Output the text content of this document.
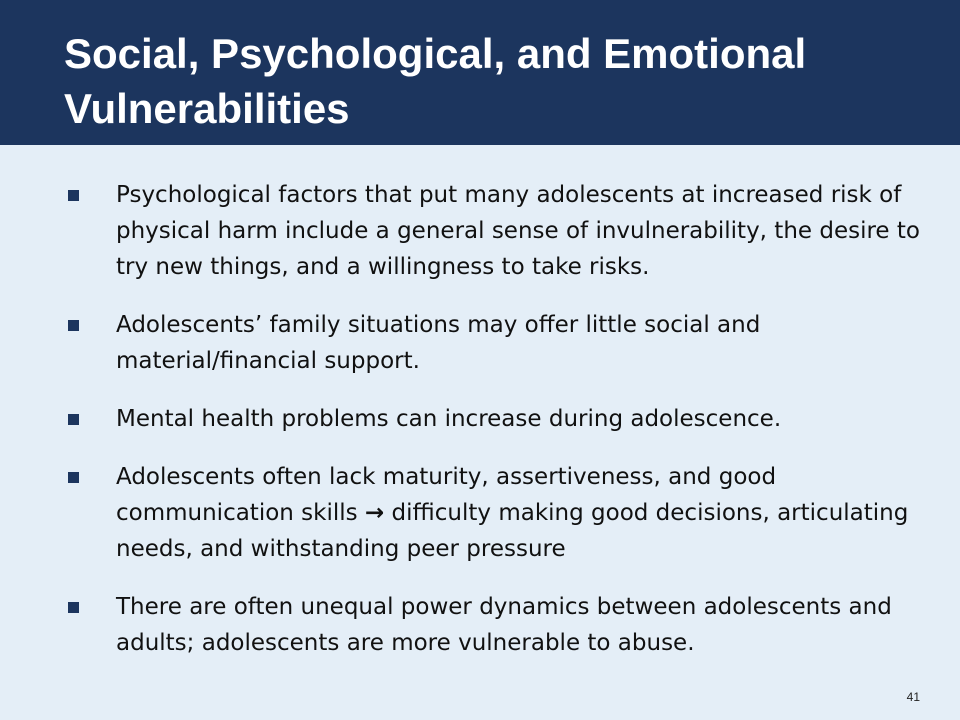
Social, Psychological, and Emotional Vulnerabilities
Psychological factors that put many adolescents at increased risk of physical harm include a general sense of invulnerability, the desire to try new things, and a willingness to take risks.
Adolescents’ family situations may offer little social and material/financial support.
Mental health problems can increase during adolescence.
Adolescents often lack maturity, assertiveness, and good communication skills → difficulty making good decisions, articulating needs, and withstanding peer pressure
There are often unequal power dynamics between adolescents and adults; adolescents are more vulnerable to abuse.
41
